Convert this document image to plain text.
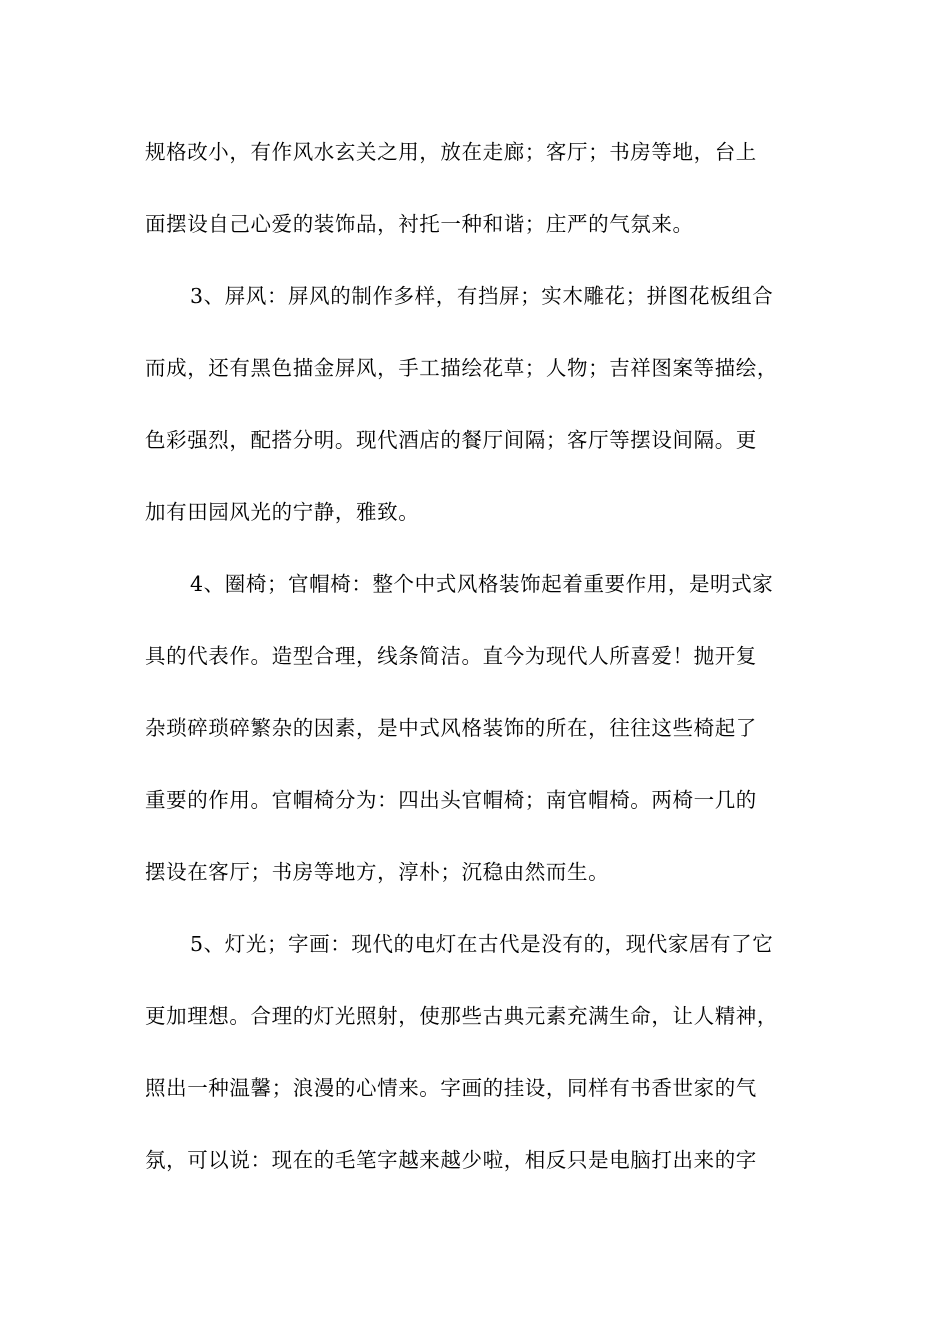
规格改小，有作风水玄关之用，放在走廊；客厅；书房等地，台上
面摆设自己心爱的装饰品，衬托一种和谐；庄严的气氛来。
3、屏风：屏风的制作多样，有挡屏；实木雕花；拼图花板组合
而成，还有黑色描金屏风，手工描绘花草；人物；吉祥图案等描绘，
色彩强烈，配搭分明。现代酒店的餐厅间隔；客厅等摆设间隔。更
加有田园风光的宁静，雅致。
4、圈椅；官帽椅：整个中式风格装饰起着重要作用，是明式家
具的代表作。造型合理，线条简洁。直今为现代人所喜爱！抛开复
杂琐碎琐碎繁杂的因素，是中式风格装饰的所在，往往这些椅起了
重要的作用。官帽椅分为：四出头官帽椅；南官帽椅。两椅一几的
摆设在客厅；书房等地方，淳朴；沉稳由然而生。
5、灯光；字画：现代的电灯在古代是没有的，现代家居有了它
更加理想。合理的灯光照射，使那些古典元素充满生命，让人精神，
照出一种温馨；浪漫的心情来。字画的挂设，同样有书香世家的气
氛，可以说：现在的毛笔字越来越少啦，相反只是电脑打出来的字
